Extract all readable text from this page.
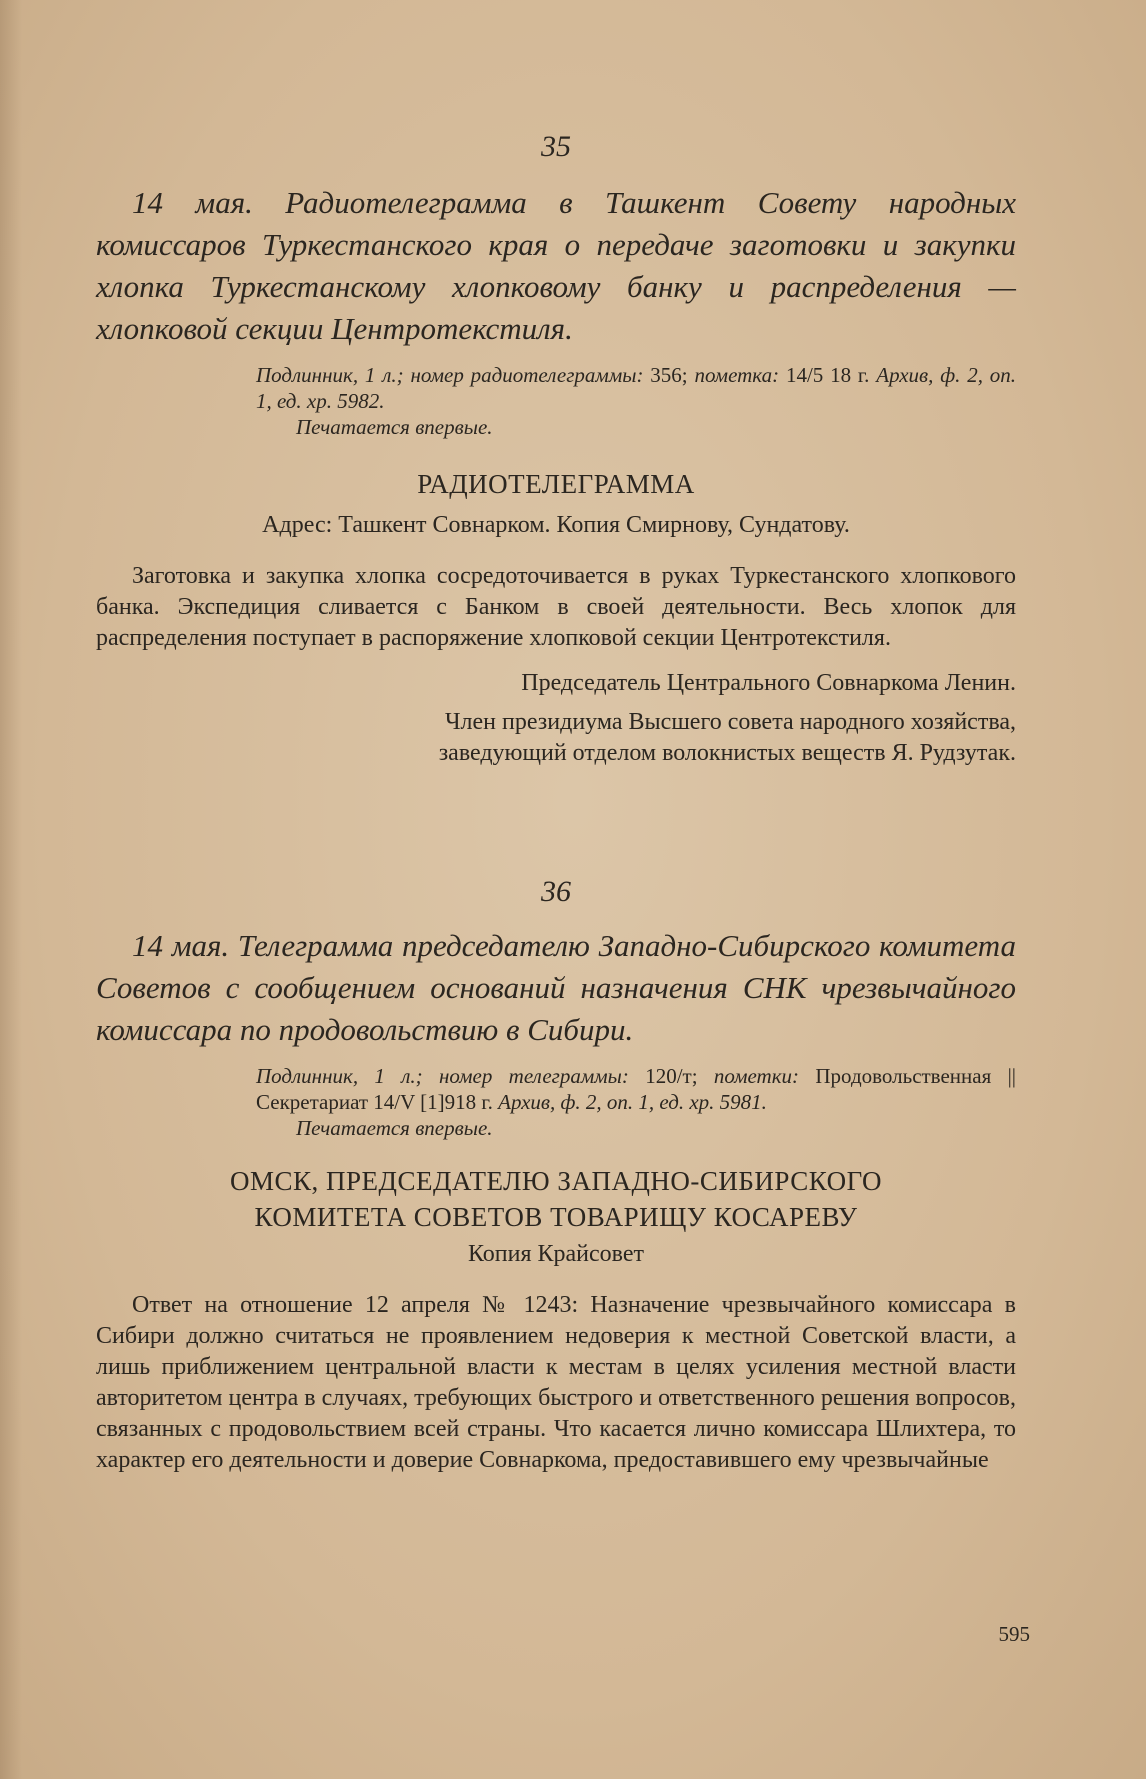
35

14 мая. Радиотелеграмма в Ташкент Совету народных комиссаров Туркестанского края о передаче заготовки и закупки хлопка Туркестанскому хлопковому банку и распределения — хлопковой секции Центротекстиля.

Подлинник, 1 л.; номер радиотелеграммы: 356; пометка: 14/5 18 г. Архив, ф. 2, оп. 1, ед. хр. 5982.
Печатается впервые.

РАДИОТЕЛЕГРАММА

Адрес: Ташкент Совнарком. Копия Смирнову, Сундатову.

Заготовка и закупка хлопка сосредоточивается в руках Туркестанского хлопкового банка. Экспедиция сливается с Банком в своей деятельности. Весь хлопок для распределения поступает в распоряжение хлопковой секции Центротекстиля.

Председатель Центрального Совнаркома Ленин.

Член президиума Высшего совета народного хозяйства,

заведующий отделом волокнистых веществ Я. Рудзутак.

36

14 мая. Телеграмма председателю Западно-Сибирского комитета Советов с сообщением оснований назначения СНК чрезвычайного комиссара по продовольствию в Сибири.

Подлинник, 1 л.; номер телеграммы: 120/т; пометки: Продовольственная || Секретариат 14/V [1]918 г. Архив, ф. 2, оп. 1, ед. хр. 5981.
Печатается впервые.

ОМСК, ПРЕДСЕДАТЕЛЮ ЗАПАДНО-СИБИРСКОГО

КОМИТЕТА СОВЕТОВ ТОВАРИЩУ КОСАРЕВУ

Копия Крайсовет

Ответ на отношение 12 апреля № 1243: Назначение чрезвычайного комиссара в Сибири должно считаться не проявлением недоверия к местной Советской власти, а лишь приближением центральной власти к местам в целях усиления местной власти авторитетом центра в случаях, требующих быстрого и ответственного решения вопросов, связанных с продовольствием всей страны. Что касается лично комиссара Шлихтера, то характер его деятельности и доверие Совнаркома, предоставившего ему чрезвычайные

595
